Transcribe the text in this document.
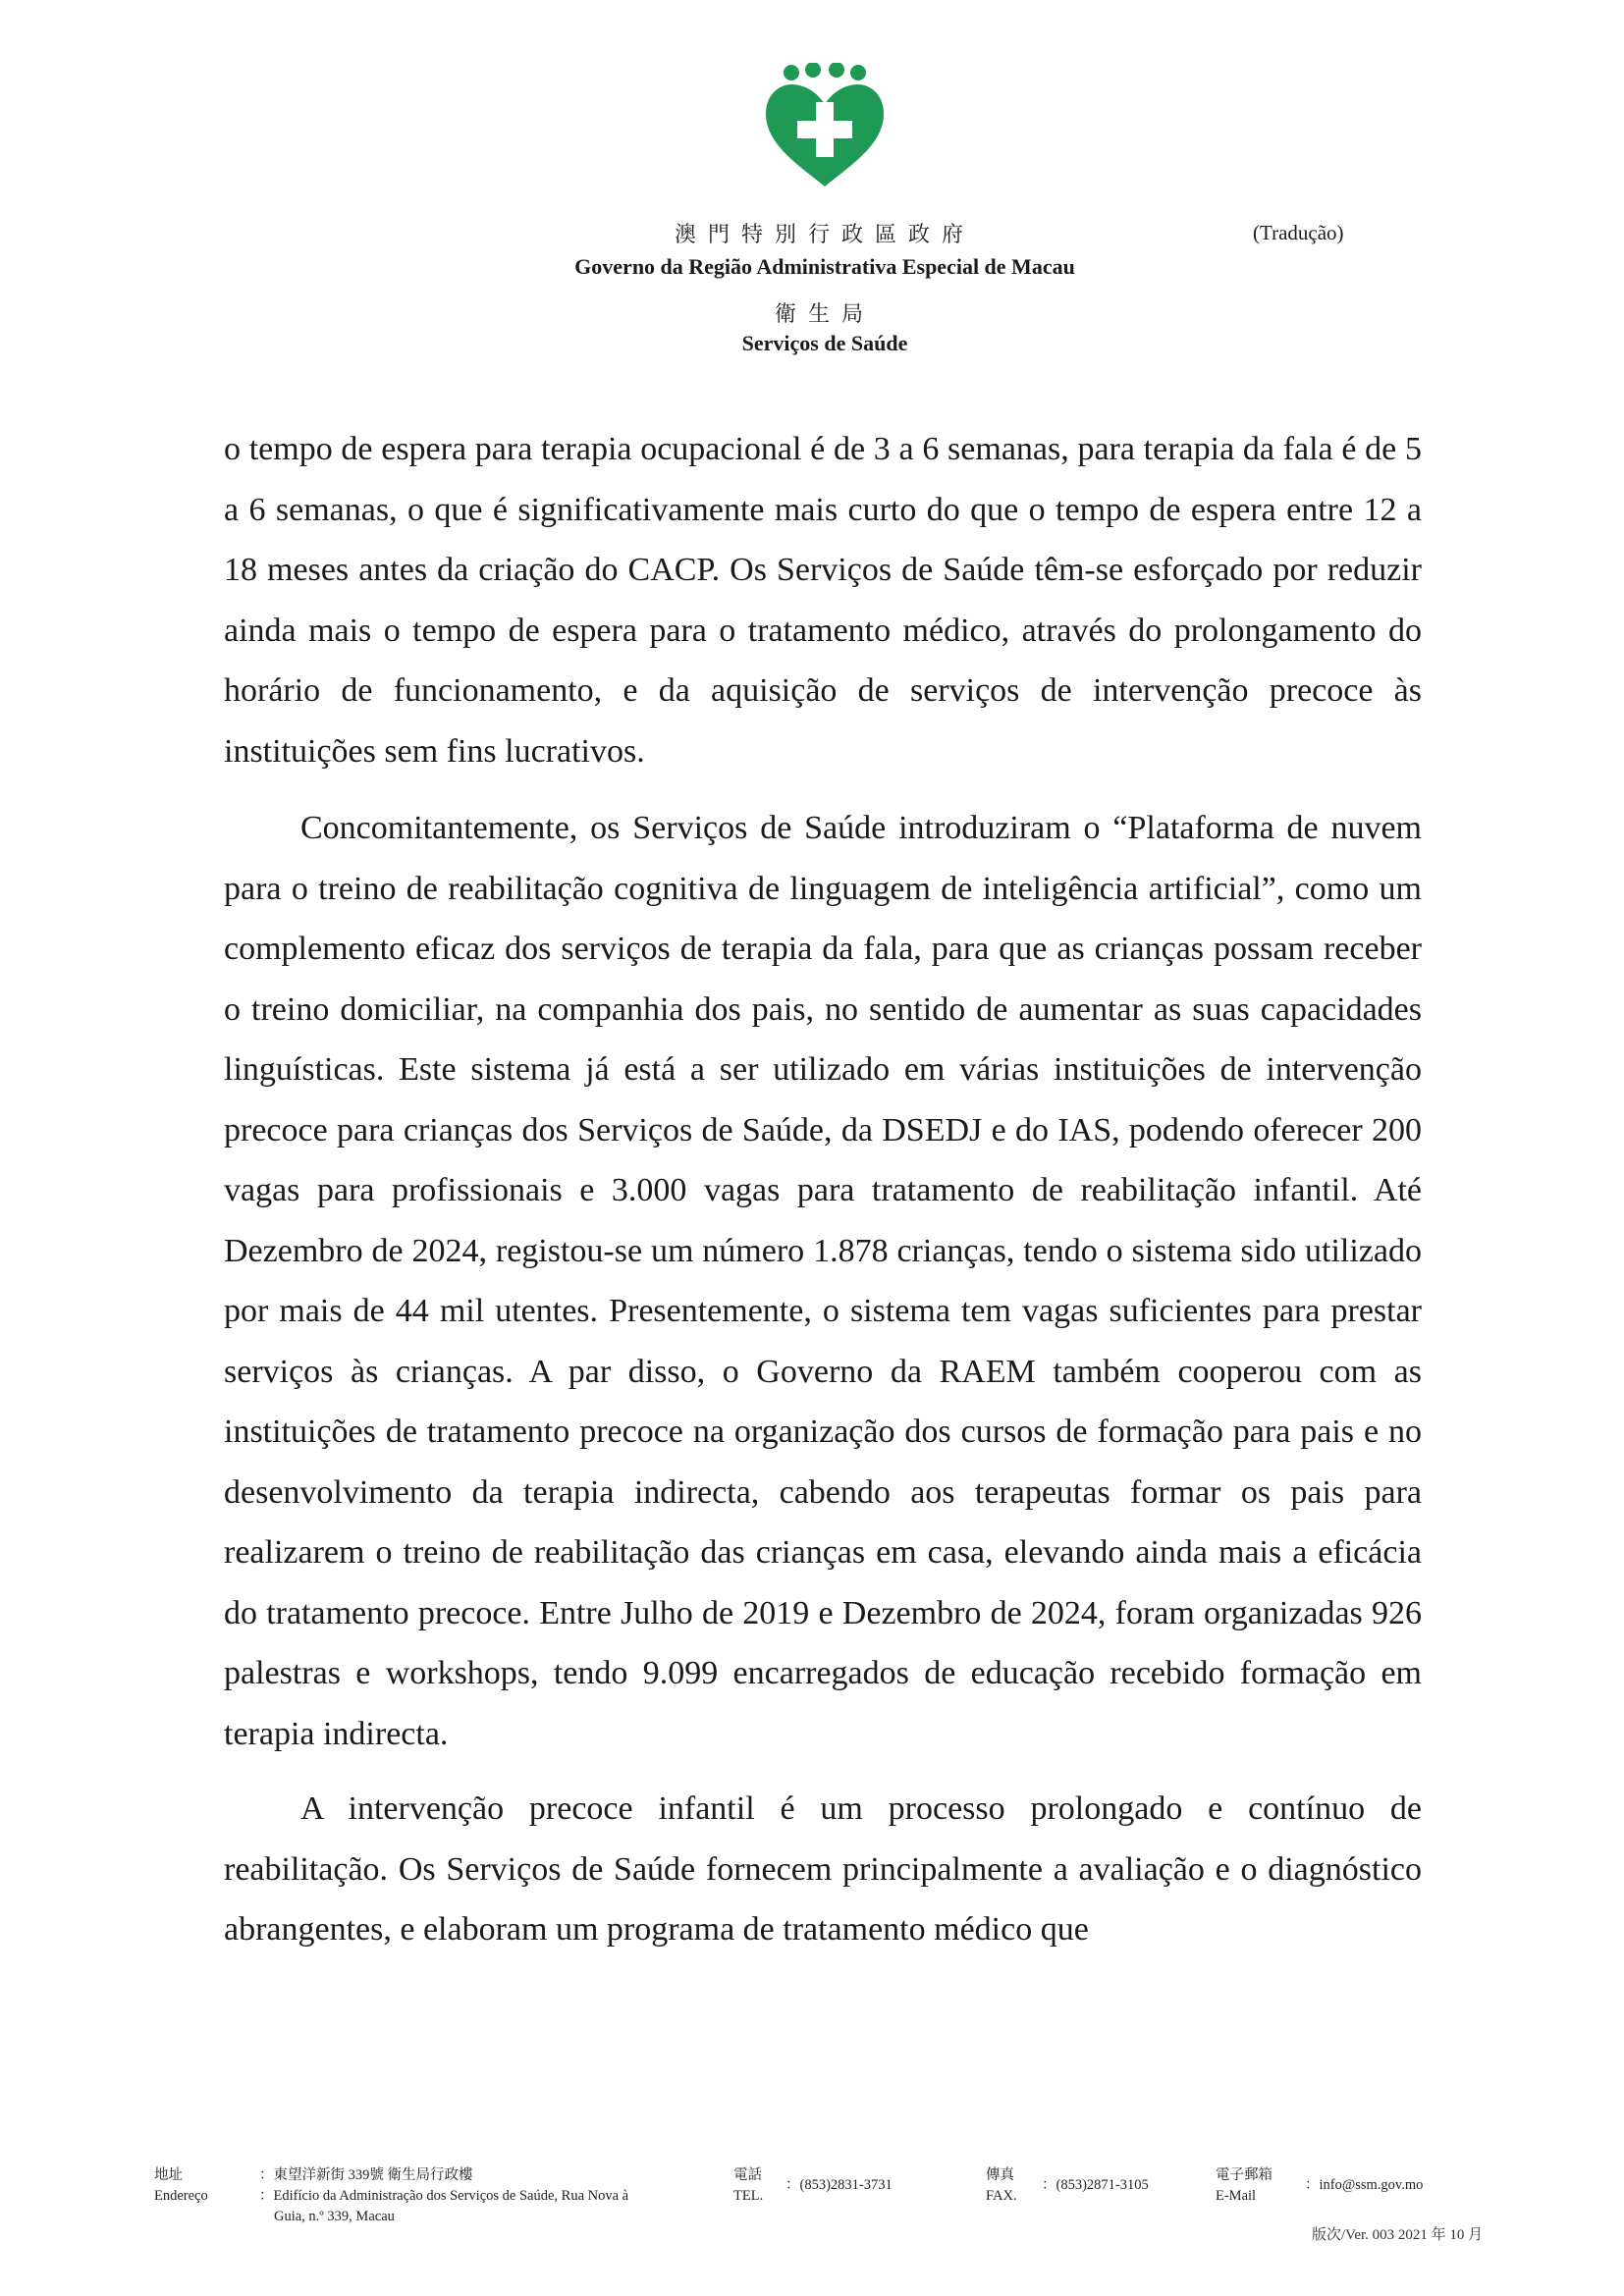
澳門特別行政區政府
Governo da Região Administrativa Especial de Macau
衛生局
Serviços de Saúde
(Tradução)

o tempo de espera para terapia ocupacional é de 3 a 6 semanas, para terapia da fala é de 5 a 6 semanas, o que é significativamente mais curto do que o tempo de espera entre 12 a 18 meses antes da criação do CACP. Os Serviços de Saúde têm-se esforçado por reduzir ainda mais o tempo de espera para o tratamento médico, através do prolongamento do horário de funcionamento, e da aquisição de serviços de intervenção precoce às instituições sem fins lucrativos.

Concomitantemente, os Serviços de Saúde introduziram o “Plataforma de nuvem para o treino de reabilitação cognitiva de linguagem de inteligência artificial”, como um complemento eficaz dos serviços de terapia da fala, para que as crianças possam receber o treino domiciliar, na companhia dos pais, no sentido de aumentar as suas capacidades linguísticas. Este sistema já está a ser utilizado em várias instituições de intervenção precoce para crianças dos Serviços de Saúde, da DSEDJ e do IAS, podendo oferecer 200 vagas para profissionais e 3.000 vagas para tratamento de reabilitação infantil. Até Dezembro de 2024, registou-se um número 1.878 crianças, tendo o sistema sido utilizado por mais de 44 mil utentes. Presentemente, o sistema tem vagas suficientes para prestar serviços às crianças. A par disso, o Governo da RAEM também cooperou com as instituições de tratamento precoce na organização dos cursos de formação para pais e no desenvolvimento da terapia indirecta, cabendo aos terapeutas formar os pais para realizarem o treino de reabilitação das crianças em casa, elevando ainda mais a eficácia do tratamento precoce. Entre Julho de 2019 e Dezembro de 2024, foram organizadas 926 palestras e workshops, tendo 9.099 encarregados de educação recebido formação em terapia indirecta.

A intervenção precoce infantil é um processo prolongado e contínuo de reabilitação. Os Serviços de Saúde fornecem principalmente a avaliação e o diagnóstico abrangentes, e elaboram um programa de tratamento médico que

地址
Endereço
：東望洋新街 339號 衛生局行政樓
：Edifício da Administração dos Serviços de Saúde, Rua Nova à
Guia, n.º 339, Macau
電話
TEL.
：(853)2831-3731
傳真
FAX.
：(853)2871-3105
電子郵箱
E-Mail
：info@ssm.gov.mo
版次/Ver. 003 2021 年 10 月
